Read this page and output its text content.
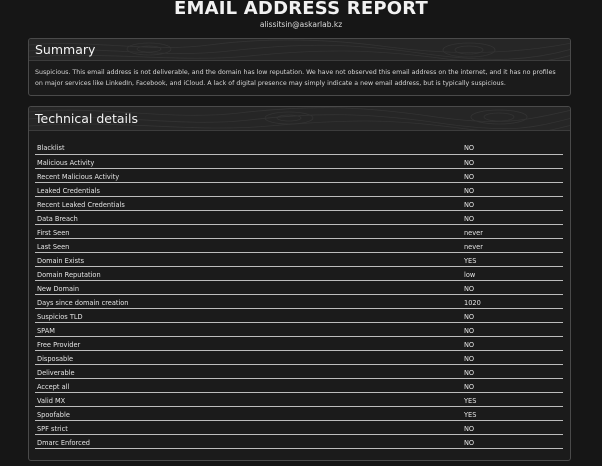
EMAIL ADDRESS REPORT
alissitsin@askarlab.kz
Summary
Suspicious. This email address is not deliverable, and the domain has low reputation. We have not observed this email address on the internet, and it has no profiles on major services like LinkedIn, Facebook, and iCloud. A lack of digital presence may simply indicate a new email address, but is typically suspicious.
Technical details
Blacklist	NO
Malicious Activity	NO
Recent Malicious Activity	NO
Leaked Credentials	NO
Recent Leaked Credentials	NO
Data Breach	NO
First Seen	never
Last Seen	never
Domain Exists	YES
Domain Reputation	low
New Domain	NO
Days since domain creation	1020
Suspicios TLD	NO
SPAM	NO
Free Provider	NO
Disposable	NO
Deliverable	NO
Accept all	NO
Valid MX	YES
Spoofable	YES
SPF strict	NO
Dmarc Enforced	NO
